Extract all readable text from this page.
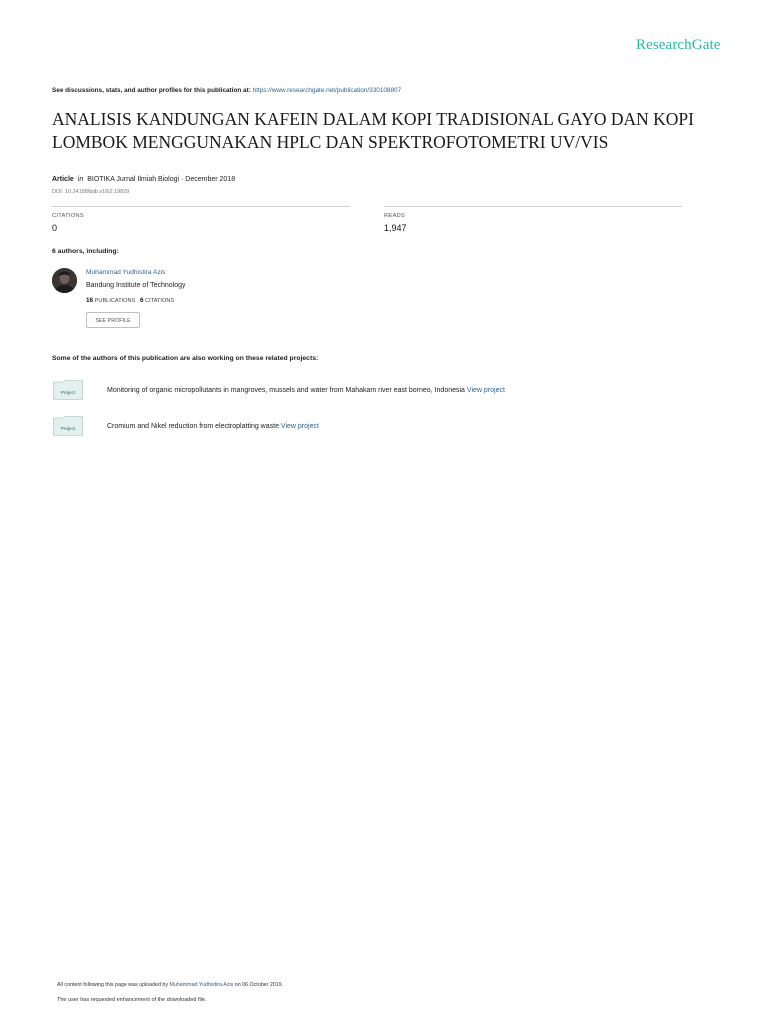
ResearchGate
See discussions, stats, and author profiles for this publication at: https://www.researchgate.net/publication/330108807
ANALISIS KANDUNGAN KAFEIN DALAM KOPI TRADISIONAL GAYO DAN KOPI LOMBOK MENGGUNAKAN HPLC DAN SPEKTROFOTOMETRI UV/VIS
Article in BIOTIKA Jurnal Ilmiah Biologi · December 2018
DOI: 10.24198/bjib.v16i2.19829
CITATIONS
0
READS
1,947
6 authors, including:
Muhammad Yudhistira Azis
Bandung Institute of Technology
16 PUBLICATIONS 6 CITATIONS
SEE PROFILE
Some of the authors of this publication are also working on these related projects:
Project	Monitoring of organic micropollutants in mangroves, mussels and water from Mahakam river east borneo, Indonesia View project
Project	Cromium and Nikel reduction from electroplatting waste View project
All content following this page was uploaded by Muhammad Yudhistira Azis on 06 October 2019.
The user has requested enhancement of the downloaded file.
